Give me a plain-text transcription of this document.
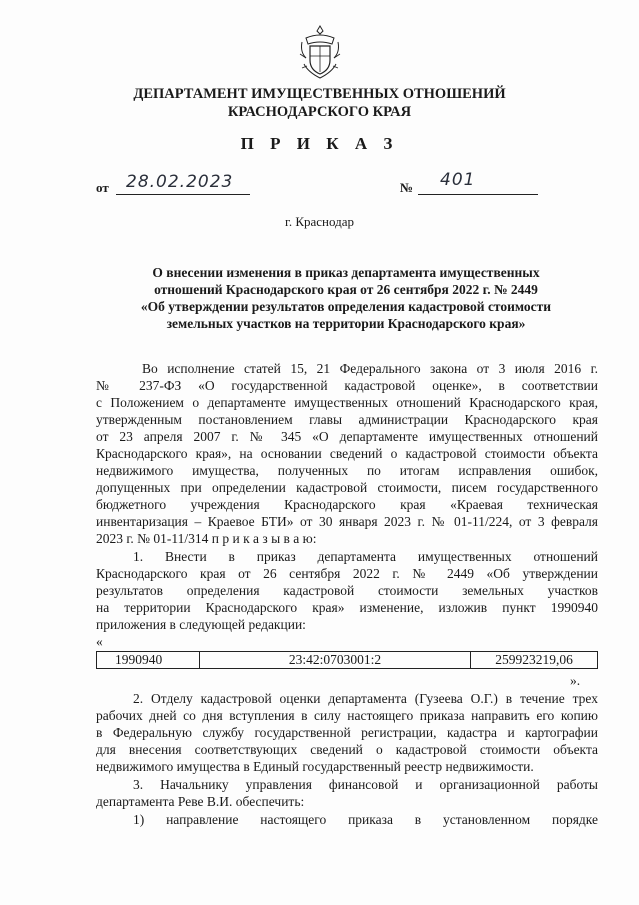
ДЕПАРТАМЕНТ ИМУЩЕСТВЕННЫХ ОТНОШЕНИЙ
КРАСНОДАРСКОГО КРАЯ
П Р И К А З
от 28.02.2023	№ 401
г. Краснодар
О внесении изменения в приказ департамента имущественных
отношений Краснодарского края от 26 сентября 2022 г. № 2449
«Об утверждении результатов определения кадастровой стоимости
земельных участков на территории Краснодарского края»
Во исполнение статей 15, 21 Федерального закона от 3 июля 2016 г.
№ 237-ФЗ «О государственной кадастровой оценке», в соответствии
с Положением о департаменте имущественных отношений Краснодарского края,
утвержденным постановлением главы администрации Краснодарского края
от 23 апреля 2007 г. № 345 «О департаменте имущественных отношений
Краснодарского края», на основании сведений о кадастровой стоимости объекта
недвижимого имущества, полученных по итогам исправления ошибок,
допущенных при определении кадастровой стоимости, писем государственного
бюджетного учреждения Краснодарского края «Краевая техническая
инвентаризация – Краевое БТИ» от 30 января 2023 г. № 01-11/224, от 3 февраля
2023 г. № 01-11/314 п р и к а з ы в а ю:
1. Внести в приказ департамента имущественных отношений
Краснодарского края от 26 сентября 2022 г. № 2449 «Об утверждении
результатов определения кадастровой стоимости земельных участков
на территории Краснодарского края» изменение, изложив пункт 1990940
приложения в следующей редакции:
«
1990940	23:42:0703001:2	259923219,06
».
2. Отделу кадастровой оценки департамента (Гузеева О.Г.) в течение трех
рабочих дней со дня вступления в силу настоящего приказа направить его копию
в Федеральную службу государственной регистрации, кадастра и картографии
для внесения соответствующих сведений о кадастровой стоимости объекта
недвижимого имущества в Единый государственный реестр недвижимости.
3. Начальнику управления финансовой и организационной работы
департамента Реве В.И. обеспечить:
1) направление настоящего приказа в установленном порядке
